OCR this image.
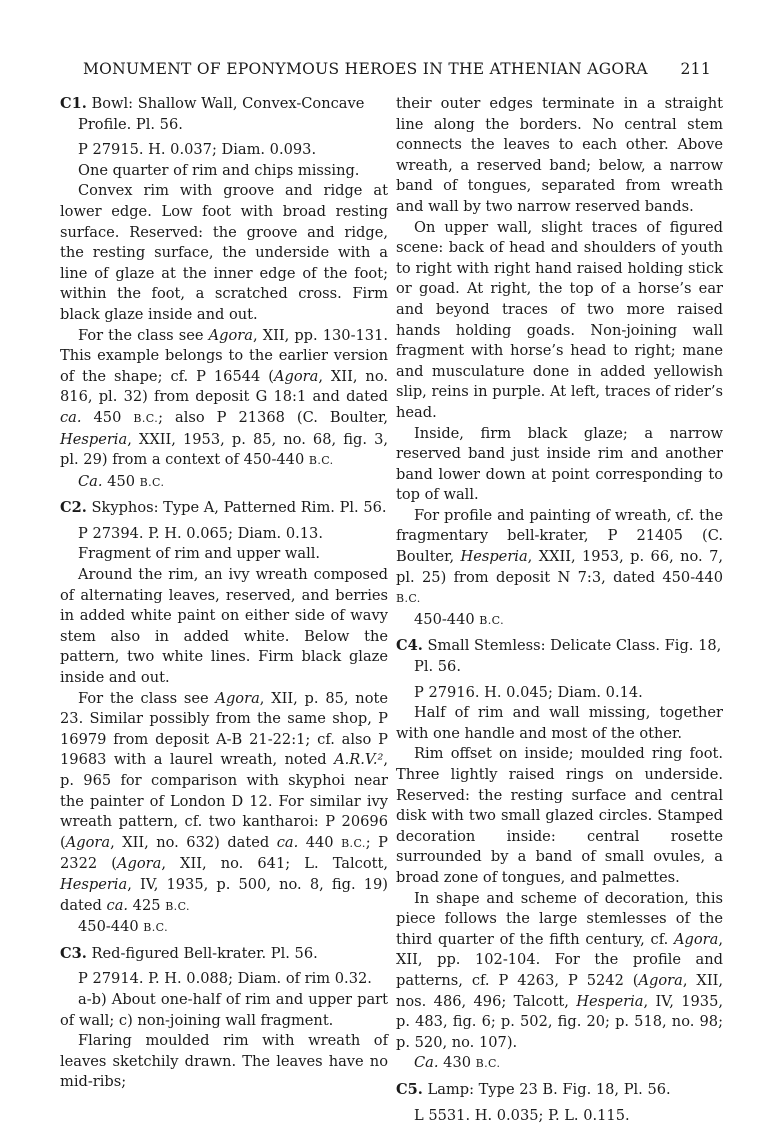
MONUMENT OF EPONYMOUS HEROES IN THE ATHENIAN AGORA 211

C1. Bowl: Shallow Wall, Convex-Concave Profile. Pl. 56.

P 27915. H. 0.037; Diam. 0.093.

One quarter of rim and chips missing.

Convex rim with groove and ridge at lower edge. Low foot with broad resting surface. Reserved: the groove and ridge, the resting surface, the underside with a line of glaze at the inner edge of the foot; within the foot, a scratched cross. Firm black glaze inside and out.

For the class see Agora, XII, pp. 130-131. This example belongs to the earlier version of the shape; cf. P 16544 (Agora, XII, no. 816, pl. 32) from deposit G 18:1 and dated ca. 450 B.C.; also P 21368 (C. Boulter, Hesperia, XXII, 1953, p. 85, no. 68, fig. 3, pl. 29) from a context of 450-440 B.C.

Ca. 450 B.C.

C2. Skyphos: Type A, Patterned Rim. Pl. 56.

P 27394. P. H. 0.065; Diam. 0.13.

Fragment of rim and upper wall.

Around the rim, an ivy wreath composed of alternating leaves, reserved, and berries in added white paint on either side of wavy stem also in added white. Below the pattern, two white lines. Firm black glaze inside and out.

For the class see Agora, XII, p. 85, note 23. Similar possibly from the same shop, P 16979 from deposit A-B 21-22:1; cf. also P 19683 with a laurel wreath, noted A.R.V.², p. 965 for comparison with skyphoi near the painter of London D 12. For similar ivy wreath pattern, cf. two kantharoi: P 20696 (Agora, XII, no. 632) dated ca. 440 B.C.; P 2322 (Agora, XII, no. 641; L. Talcott, Hesperia, IV, 1935, p. 500, no. 8, fig. 19) dated ca. 425 B.C.

450-440 B.C.

C3. Red-figured Bell-krater. Pl. 56.

P 27914. P. H. 0.088; Diam. of rim 0.32.

a-b) About one-half of rim and upper part of wall; c) non-joining wall fragment.

Flaring moulded rim with wreath of leaves sketchily drawn. The leaves have no mid-ribs;

their outer edges terminate in a straight line along the borders. No central stem connects the leaves to each other. Above wreath, a reserved band; below, a narrow band of tongues, separated from wreath and wall by two narrow reserved bands.

On upper wall, slight traces of figured scene: back of head and shoulders of youth to right with right hand raised holding stick or goad. At right, the top of a horse’s ear and beyond traces of two more raised hands holding goads. Non-joining wall fragment with horse’s head to right; mane and musculature done in added yellowish slip, reins in purple. At left, traces of rider’s head.

Inside, firm black glaze; a narrow reserved band just inside rim and another band lower down at point corresponding to top of wall.

For profile and painting of wreath, cf. the fragmentary bell-krater, P 21405 (C. Boulter, Hesperia, XXII, 1953, p. 66, no. 7, pl. 25) from deposit N 7:3, dated 450-440 B.C.

450-440 B.C.

C4. Small Stemless: Delicate Class. Fig. 18, Pl. 56.

P 27916. H. 0.045; Diam. 0.14.

Half of rim and wall missing, together with one handle and most of the other.

Rim offset on inside; moulded ring foot. Three lightly raised rings on underside. Reserved: the resting surface and central disk with two small glazed circles. Stamped decoration inside: central rosette surrounded by a band of small ovules, a broad zone of tongues, and palmettes.

In shape and scheme of decoration, this piece follows the large stemlesses of the third quarter of the fifth century, cf. Agora, XII, pp. 102-104. For the profile and patterns, cf. P 4263, P 5242 (Agora, XII, nos. 486, 496; Talcott, Hesperia, IV, 1935, p. 483, fig. 6; p. 502, fig. 20; p. 518, no. 98; p. 520, no. 107).

Ca. 430 B.C.

C5. Lamp: Type 23 B. Fig. 18, Pl. 56.

L 5531. H. 0.035; P. L. 0.115.
